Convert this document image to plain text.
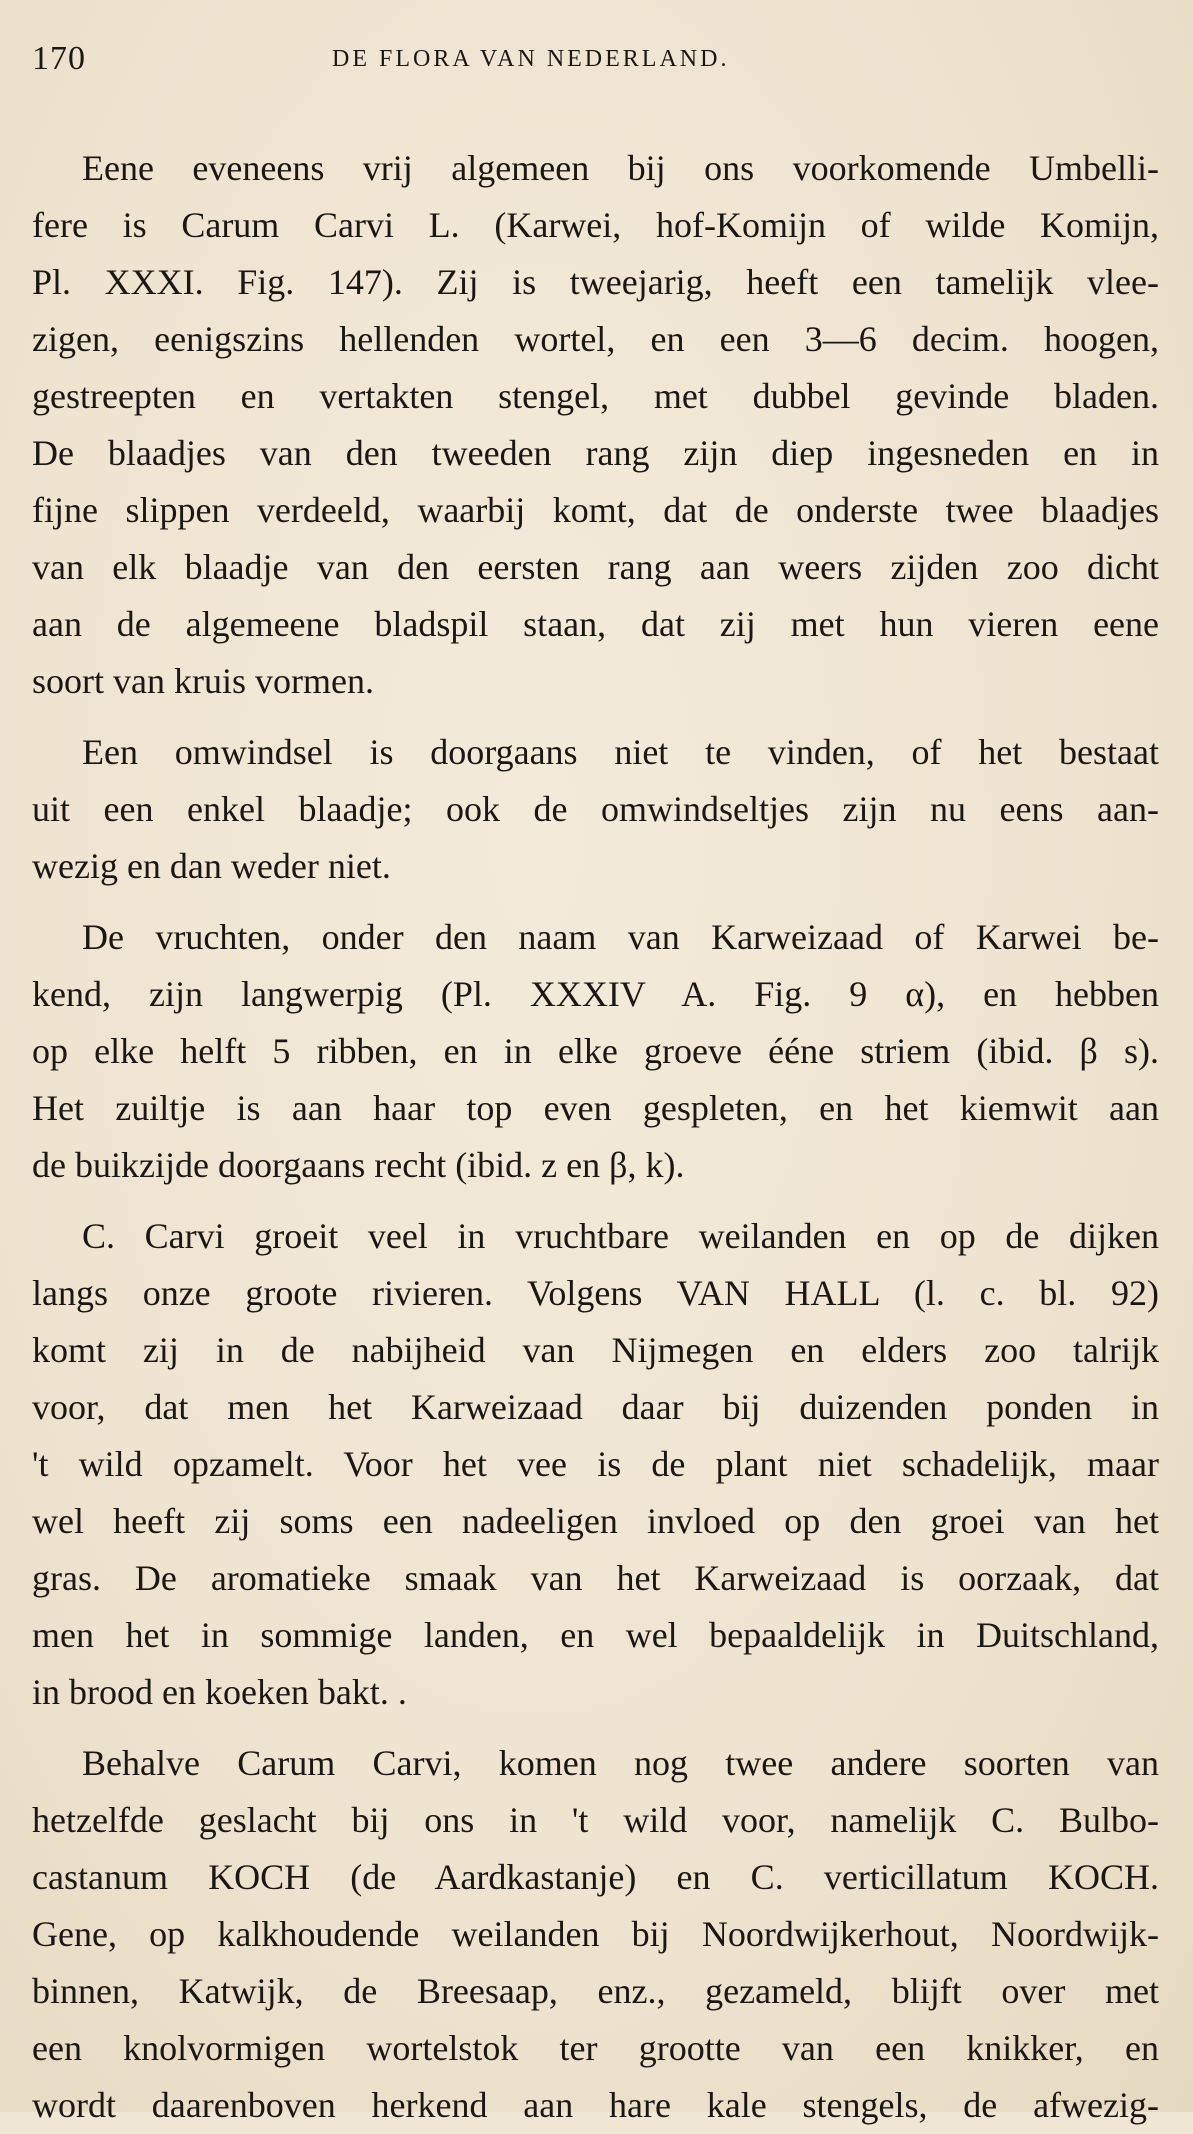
170	DE FLORA VAN NEDERLAND.
Eene eveneens vrij algemeen bij ons voorkomende Umbelli-
fere is Carum Carvi L. (Karwei, hof-Komijn of wilde Komijn,
Pl. XXXI. Fig. 147). Zij is tweejarig, heeft een tamelijk vlee-
zigen, eenigszins hellenden wortel, en een 3—6 decim. hoogen,
gestreepten en vertakten stengel, met dubbel gevinde bladen.
De blaadjes van den tweeden rang zijn diep ingesneden en in
fijne slippen verdeeld, waarbij komt, dat de onderste twee blaadjes
van elk blaadje van den eersten rang aan weers zijden zoo dicht
aan de algemeene bladspil staan, dat zij met hun vieren eene
soort van kruis vormen.
Een omwindsel is doorgaans niet te vinden, of het bestaat
uit een enkel blaadje; ook de omwindseltjes zijn nu eens aan-
wezig en dan weder niet.
De vruchten, onder den naam van Karweizaad of Karwei be-
kend, zijn langwerpig (Pl. XXXIV A. Fig. 9 α), en hebben
op elke helft 5 ribben, en in elke groeve ééne striem (ibid. β s).
Het zuiltje is aan haar top even gespleten, en het kiemwit aan
de buikzijde doorgaans recht (ibid. z en β, k).
C. Carvi groeit veel in vruchtbare weilanden en op de dijken
langs onze groote rivieren. Volgens VAN HALL (l. c. bl. 92)
komt zij in de nabijheid van Nijmegen en elders zoo talrijk
voor, dat men het Karweizaad daar bij duizenden ponden in
't wild opzamelt. Voor het vee is de plant niet schadelijk, maar
wel heeft zij soms een nadeeligen invloed op den groei van het
gras. De aromatieke smaak van het Karweizaad is oorzaak, dat
men het in sommige landen, en wel bepaaldelijk in Duitschland,
in brood en koeken bakt. .
Behalve Carum Carvi, komen nog twee andere soorten van
hetzelfde geslacht bij ons in 't wild voor, namelijk C. Bulbo-
castanum KOCH (de Aardkastanje) en C. verticillatum KOCH.
Gene, op kalkhoudende weilanden bij Noordwijkerhout, Noordwijk-
binnen, Katwijk, de Breesaap, enz., gezameld, blijft over met
een knolvormigen wortelstok ter grootte van een knikker, en
wordt daarenboven herkend aan hare kale stengels, de afwezig-
